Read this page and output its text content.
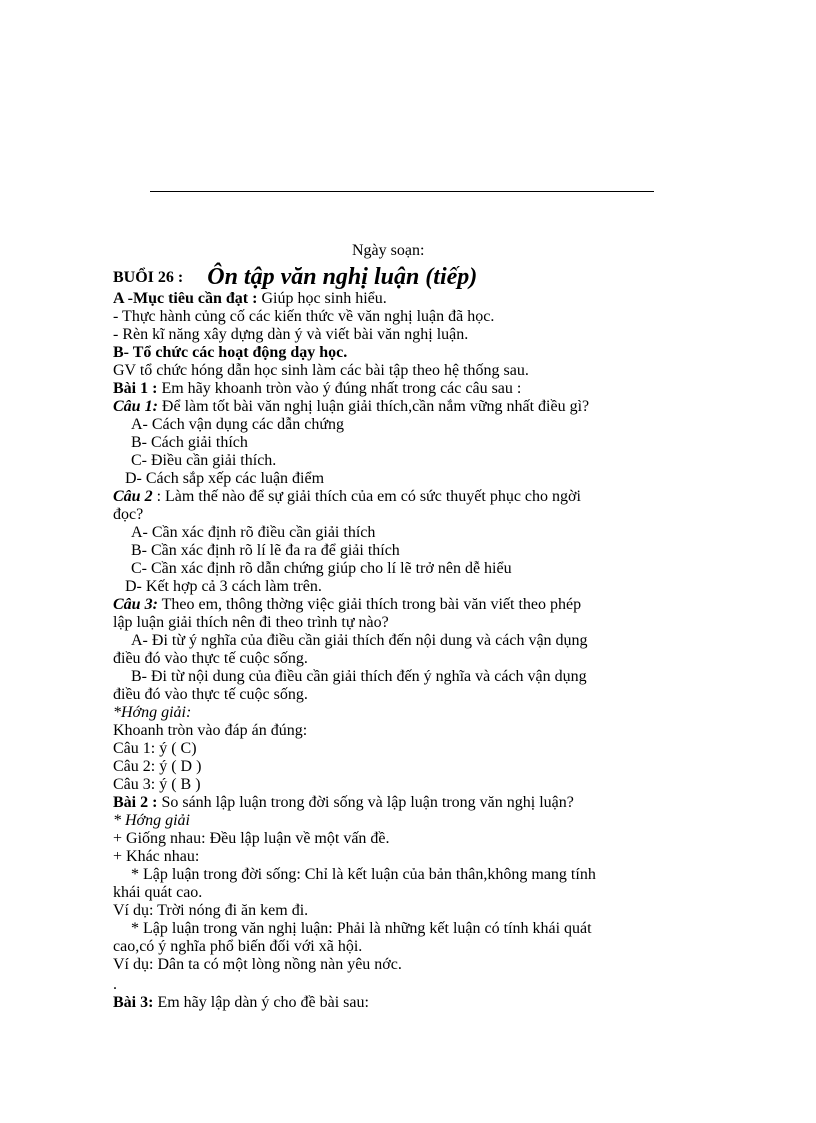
Ngày soạn:
BUỔI 26 : Ôn tập văn nghị luận (tiếp)
A -Mục tiêu cần đạt : Giúp học sinh hiểu.
- Thực hành củng cố các kiến thức về văn nghị luận đã học.
- Rèn kĩ năng xây dựng dàn ý và viết bài văn nghị luận.
B- Tổ chức các hoạt động dạy học.
GV tổ chức hóng dẫn học sinh làm các bài tập theo hệ thống sau.
Bài 1 : Em hãy khoanh tròn vào ý đúng nhất trong các câu sau :
Câu 1: Để làm tốt bài văn nghị luận giải thích,cần nắm vững nhất điều gì?
A- Cách vận dụng các dẫn chứng
B- Cách giải thích
C- Điều cần giải thích.
D- Cách sắp xếp các luận điểm
Câu 2 : Làm thế nào để sự giải thích của em có sức thuyết phục cho ngời
đọc?
A- Cần xác định rõ điều cần giải thích
B- Cần xác định rõ lí lẽ đa ra để giải thích
C- Cần xác định rõ dẫn chứng giúp cho lí lẽ trở nên dễ hiểu
D- Kết hợp cả 3 cách làm trên.
Câu 3: Theo em, thông thờng việc giải thích trong bài văn viết theo phép
lập luận giải thích nên đi theo trình tự nào?
A- Đi từ ý nghĩa của điều cần giải thích đến nội dung và cách vận dụng
điều đó vào thực tế cuộc sống.
B- Đi từ nội dung của điều cần giải thích đến ý nghĩa và cách vận dụng
điều đó vào thực tế cuộc sống.
*Hớng giải:
Khoanh tròn vào đáp án đúng:
Câu 1: ý ( C)
Câu 2: ý ( D )
Câu 3: ý ( B )
Bài 2 : So sánh lập luận trong đời sống và lập luận trong văn nghị luận?
* Hớng giải
+ Giống nhau: Đều lập luận về một vấn đề.
+ Khác nhau:
* Lập luận trong đời sống: Chỉ là kết luận của bản thân,không mang tính
khái quát cao.
Ví dụ: Trời nóng đi ăn kem đi.
* Lập luận trong văn nghị luận: Phải là những kết luận có tính khái quát
cao,có ý nghĩa phổ biến đối với xã hội.
Ví dụ: Dân ta có một lòng nồng nàn yêu nớc.
.
Bài 3: Em hãy lập dàn ý cho đề bài sau:
